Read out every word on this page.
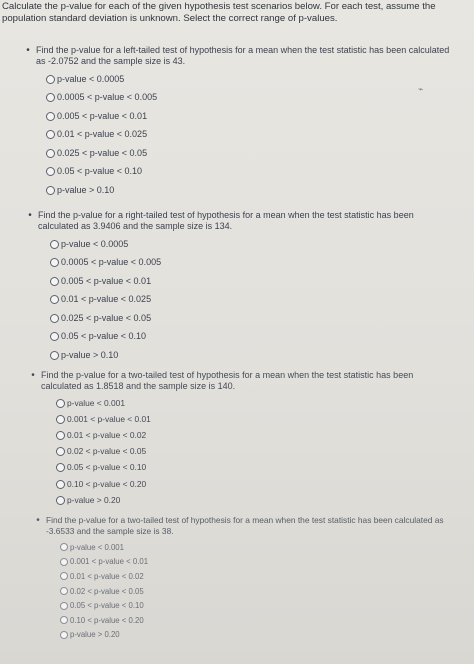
Calculate the p-value for each of the given hypothesis test scenarios below. For each test, assume the population standard deviation is unknown. Select the correct range of p-values.
⌁
• Find the p-value for a left-tailed test of hypothesis for a mean when the test statistic has been calculated as -2.0752 and the sample size is 43.
p-value < 0.0005
0.0005 < p-value < 0.005
0.005 < p-value < 0.01
0.01 < p-value < 0.025
0.025 < p-value < 0.05
0.05 < p-value < 0.10
p-value > 0.10
• Find the p-value for a right-tailed test of hypothesis for a mean when the test statistic has been calculated as 3.9406 and the sample size is 134.
p-value < 0.0005
0.0005 < p-value < 0.005
0.005 < p-value < 0.01
0.01 < p-value < 0.025
0.025 < p-value < 0.05
0.05 < p-value < 0.10
p-value > 0.10
• Find the p-value for a two-tailed test of hypothesis for a mean when the test statistic has been calculated as 1.8518 and the sample size is 140.
p-value < 0.001
0.001 < p-value < 0.01
0.01 < p-value < 0.02
0.02 < p-value < 0.05
0.05 < p-value < 0.10
0.10 < p-value < 0.20
p-value > 0.20
• Find the p-value for a two-tailed test of hypothesis for a mean when the test statistic has been calculated as -3.6533 and the sample size is 38.
p-value < 0.001
0.001 < p-value < 0.01
0.01 < p-value < 0.02
0.02 < p-value < 0.05
0.05 < p-value < 0.10
0.10 < p-value < 0.20
p-value > 0.20
